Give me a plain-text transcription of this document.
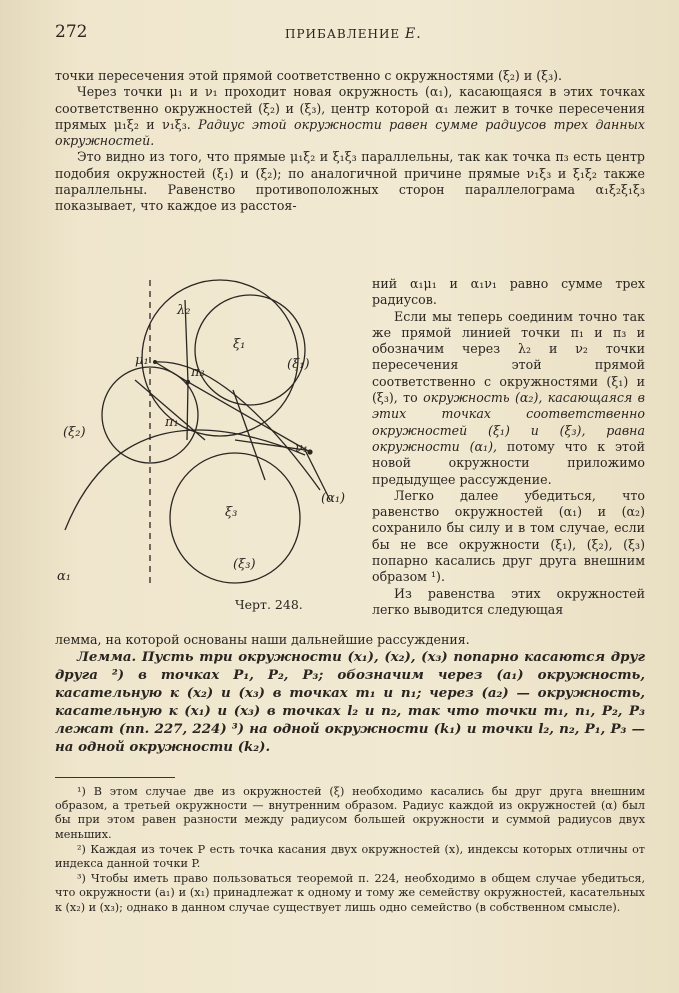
272	ПРИБАВЛЕНИЕ E.

точки пересечения этой прямой соответственно с окружностями (ξ₂) и (ξ₃).

Через точки μ₁ и ν₁ проходит новая окружность (α₁), касающаяся в этих точках соответственно окружностей (ξ₂) и (ξ₃), центр которой α₁ лежит в точке пересечения прямых μ₁ξ₂ и ν₁ξ₃. Радиус этой окружности равен сумме радиусов трех данных окружностей.

Это видно из того, что прямые μ₁ξ₂ и ξ₁ξ₃ параллельны, так как точка π₃ есть центр подобия окружностей (ξ₁) и (ξ₂); по аналогичной причине прямые ν₁ξ₃ и ξ₁ξ₂ также параллельны. Равенство противоположных сторон параллелограма α₁ξ₂ξ₁ξ₃ показывает, что каждое из расстоя-

λ₂
μ₁
ξ₁
(ξ₁)
π₃
(ξ₂)
π₁
ν₁
(α₁)
ξ₃
(ξ₃)
α₁
Черт. 248.

ний α₁μ₁ и α₁ν₁ равно сумме трех радиусов.

Если мы теперь соединим точно так же прямой линией точки π₁ и π₃ и обозначим через λ₂ и ν₂ точки пересечения этой прямой соответственно с окружностями (ξ₁) и (ξ₃), то окружность (α₂), касающаяся в этих точках соответственно окружностей (ξ₁) и (ξ₃), равна окружности (α₁), потому что к этой новой окружности приложимо предыдущее рассуждение.

Легко далее убедиться, что равенство окружностей (α₁) и (α₂) сохранило бы силу и в том случае, если бы не все окружности (ξ₁), (ξ₂), (ξ₃) попарно касались друг друга внешним образом ¹).

Из равенства этих окружностей легко выводится следующая

лемма, на которой основаны наши дальнейшие рассуждения.

Лемма. Пусть три окружности (x₁), (x₂), (x₃) попарно касаются друг друга ²) в точках P₁, P₂, P₃; обозначим через (a₁) окружность, касательную к (x₂) и (x₃) в точках m₁ и n₁; через (a₂) — окружность, касательную к (x₁) и (x₃) в точках l₂ и n₂, так что точки m₁, n₁, P₂, P₃ лежат (пп. 227, 224) ³) на одной окружности (k₁) и точки l₂, n₂, P₁, P₃ — на одной окружности (k₂).

¹) В этом случае две из окружностей (ξ) необходимо касались бы друг друга внешним образом, а третьей окружности — внутренним образом. Радиус каждой из окружностей (α) был бы при этом равен разности между радиусом большей окружности и суммой радиусов двух меньших.

²) Каждая из точек P есть точка касания двух окружностей (x), индексы которых отличны от индекса данной точки P.

³) Чтобы иметь право пользоваться теоремой п. 224, необходимо в общем случае убедиться, что окружности (a₁) и (x₁) принадлежат к одному и тому же семейству окружностей, касательных к (x₂) и (x₃); однако в данном случае существует лишь одно семейство (в собственном смысле).
